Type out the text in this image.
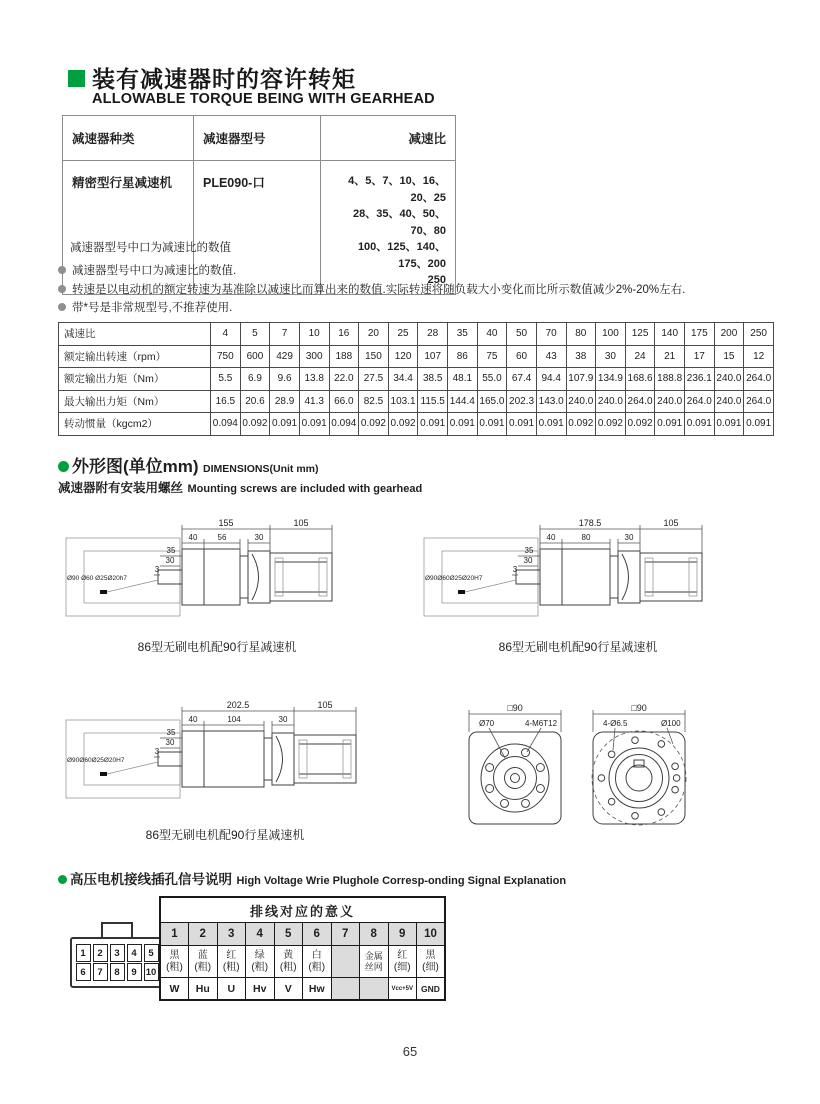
装有减速器时的容许转矩
ALLOWABLE TORQUE BEING WITH GEARHEAD
减速器种类	减速器型号	减速比
精密型行星减速机	PLE090-口	4、5、7、10、16、20、25
28、35、40、50、70、80
100、125、140、175、200
250
减速器型号中口为减速比的数值
减速器型号中口为减速比的数值.
转速是以电动机的额定转速为基准除以减速比而算出来的数值.实际转速将随负载大小变化而比所示数值减少2%-20%左右.
带*号是非常规型号,不推荐使用.
减速比	4	5	7	10	16	20	25	28	35	40	50	70	80	100	125	140	175	200	250
额定输出转速（rpm）	750	600	429	300	188	150	120	107	86	75	60	43	38	30	24	21	17	15	12
额定输出力矩（Nm）	5.5	6.9	9.6	13.8	22.0	27.5	34.4	38.5	48.1	55.0	67.4	94.4	107.9	134.9	168.6	188.8	236.1	240.0	264.0
最大输出力矩（Nm）	16.5	20.6	28.9	41.3	66.0	82.5	103.1	115.5	144.4	165.0	202.3	143.0	240.0	240.0	264.0	240.0	264.0	240.0	264.0
转动惯量（kgcm2）	0.094	0.092	0.091	0.091	0.094	0.092	0.092	0.091	0.091	0.091	0.091	0.091	0.092	0.092	0.092	0.091	0.091	0.091	0.091
外形图(单位mm) DIMENSIONS(Unit mm)
减速器附有安装用螺丝 Mounting screws are included with gearhead
155	105
40	56	30
35
30
3
Ø90 Ø60 Ø25Ø20h7
86型无刷电机配90行星减速机
178.5	105
40	80	30
35
30
3
Ø90Ø60Ø25Ø20H7
86型无刷电机配90行星减速机
202.5	105
40	104	30
35
30
3
Ø90Ø60Ø25Ø20H7
86型无刷电机配90行星减速机
□90
Ø70	4-M6T12
□90
4-Ø6.5	Ø100
高压电机接线插孔信号说明 High Voltage Wrie Plughole Corresp-onding Signal Explanation
1	2	3	4	5
6	7	8	9 10
排线对应的意义									
1	2	3	4	5	6	7	8	9	10
黑(粗)	蓝(粗)	红(粗)	绿(粗)	黄(粗)	白(粗)		金属丝网	红(细)	黑(细)
W	Hu	U	Hv	V	Hw			Vcc+5V	GND
65
